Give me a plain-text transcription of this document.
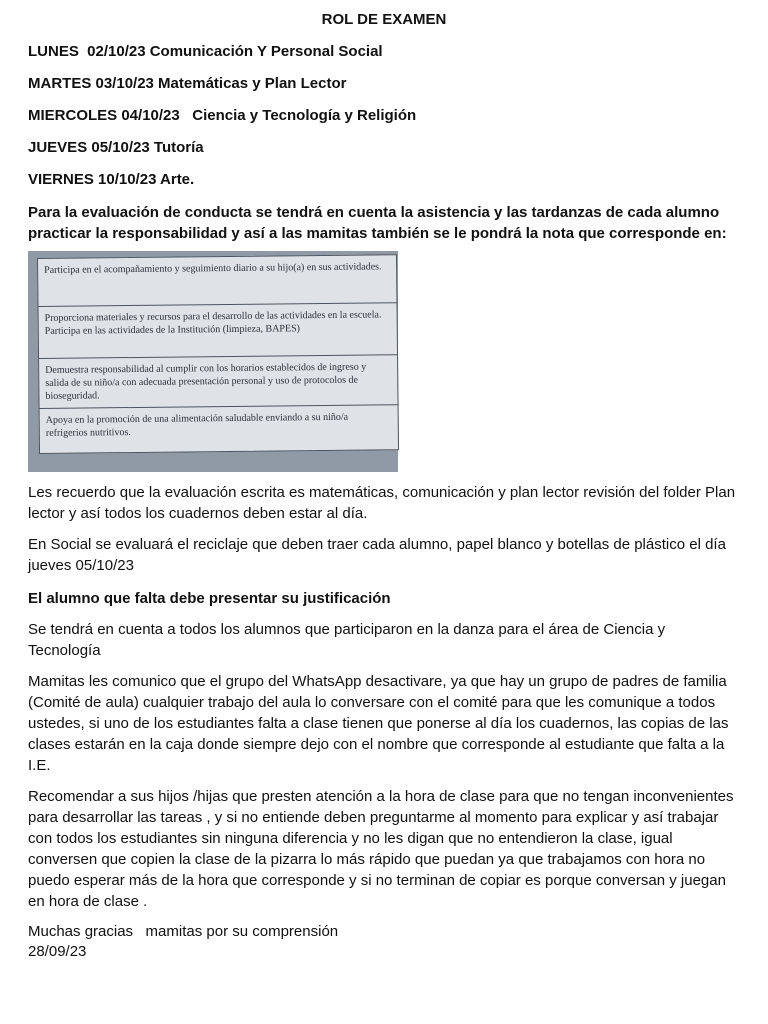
ROL DE EXAMEN
LUNES  02/10/23 Comunicación Y Personal Social
MARTES 03/10/23 Matemáticas y Plan Lector
MIERCOLES 04/10/23   Ciencia y Tecnología y Religión
JUEVES 05/10/23 Tutoría
VIERNES 10/10/23 Arte.
Para la evaluación de conducta se tendrá en cuenta la asistencia y las tardanzas de cada alumno practicar la responsabilidad y así a las mamitas también se le pondrá la nota que corresponde en:
Participa en el acompañamiento y seguimiento diario a su hijo(a) en sus actividades.
Proporciona materiales y recursos para el desarrollo de las actividades en la escuela. Participa en las actividades de la Institución (limpieza, BAPES)
Demuestra responsabilidad al cumplir con los horarios establecidos de ingreso y salida de su niño/a con adecuada presentación personal y uso de protocolos de bioseguridad.
Apoya en la promoción de una alimentación saludable enviando a su niño/a refrigerios nutritivos.
Les recuerdo que la evaluación escrita es matemáticas, comunicación y plan lector revisión del folder Plan lector y así todos los cuadernos deben estar al día.
En Social se evaluará el reciclaje que deben traer cada alumno, papel blanco y botellas de plástico el día jueves 05/10/23
El alumno que falta debe presentar su justificación
Se tendrá en cuenta a todos los alumnos que participaron en la danza para el área de Ciencia y Tecnología
Mamitas les comunico que el grupo del WhatsApp desactivare, ya que hay un grupo de padres de familia (Comité de aula) cualquier trabajo del aula lo conversare con el comité para que les comunique a todos ustedes, si uno de los estudiantes falta a clase tienen que ponerse al día los cuadernos, las copias de las clases estarán en la caja donde siempre dejo con el nombre que corresponde al estudiante que falta a la I.E.
Recomendar a sus hijos /hijas que presten atención a la hora de clase para que no tengan inconvenientes para desarrollar las tareas , y si no entiende deben preguntarme al momento para explicar y así trabajar con todos los estudiantes sin ninguna diferencia y no les digan que no entendieron la clase, igual conversen que copien la clase de la pizarra lo más rápido que puedan ya que trabajamos con hora no puedo esperar más de la hora que corresponde y si no terminan de copiar es porque conversan y juegan en hora de clase .
Muchas gracias   mamitas por su comprensión
28/09/23
